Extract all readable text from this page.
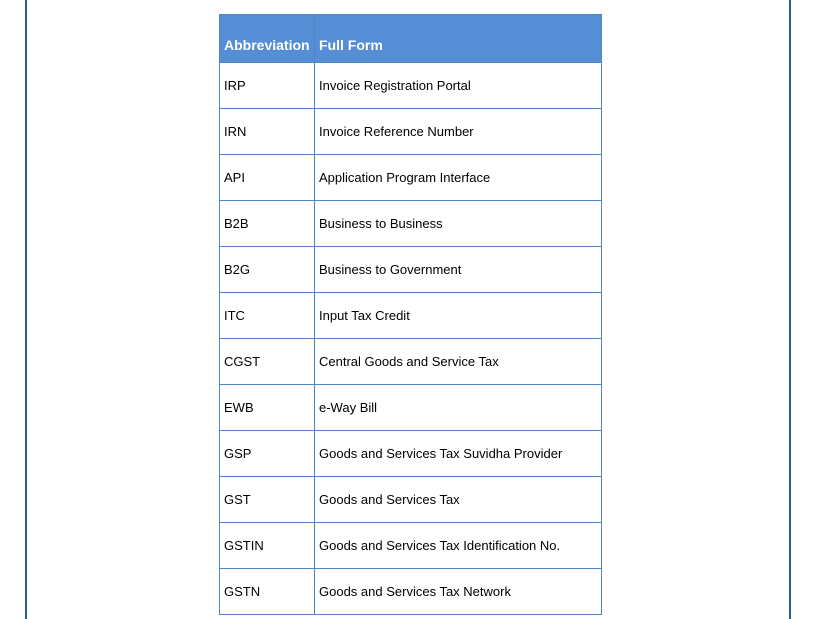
Abbreviation	Full Form
IRP	Invoice Registration Portal
IRN	Invoice Reference Number
API	Application Program Interface
B2B	Business to Business
B2G	Business to Government
ITC	Input Tax Credit
CGST	Central Goods and Service Tax
EWB	e-Way Bill
GSP	Goods and Services Tax Suvidha Provider
GST	Goods and Services Tax
GSTIN	Goods and Services Tax Identification No.
GSTN	Goods and Services Tax Network
